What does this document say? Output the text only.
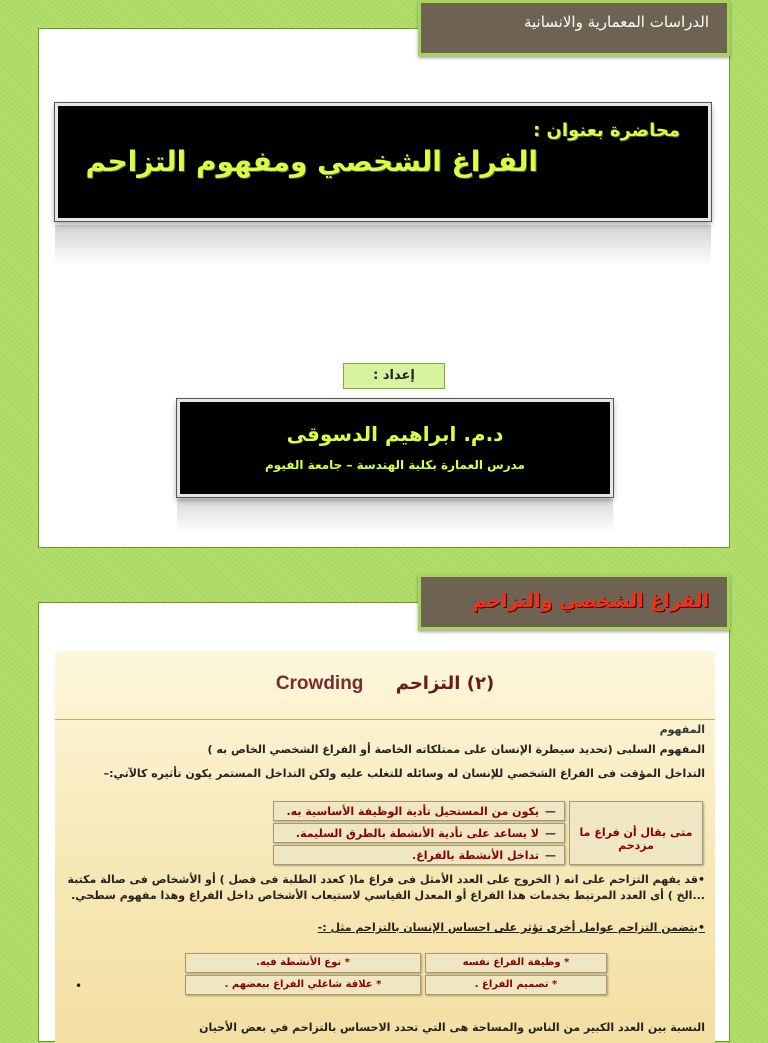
محاضرة بعنوان :
الفراغ الشخصي ومفهوم التزاحم
إعداد :
د.م. ابراهيم الدسوقى
مدرس العمارة بكلية الهندسة – جامعة الفيوم
الدراسات المعمارية والانسانية
(٢) التزاحم Crowding
المفهوم
المفهوم السلبى (تحديد سيطرة الإنسان على ممتلكاته الخاصة أو الفراغ الشخصي الخاص به )
التداخل المؤقت فى الفراغ الشخصي للإنسان له وسائله للتغلب عليه ولكن التداخل المستمر يكون تأثيره كالآتي:–
متى يقال أن فراغ ما مزدحم
—يكون من المستحيل تأدية الوظيفة الأساسية به.
—لا يساعد على تأدية الأنشطة بالطرق السليمة.
—تداخل الأنشطة بالفراغ.
•قد يفهم التزاحم على انه ( الخروج على العدد الأمثل فى فراغ ما( كعدد الطلبة فى فصل ) أو الأشخاص فى صالة مكتبة
...الخ ) أى العدد المرتبط بخدمات هذا الفراغ أو المعدل القياسي لاستيعاب الأشخاص داخل الفراغ وهذا مفهوم سطحي.
•يتضمن التزاحم عوامل أخرى تؤثر على احساس الإنسان بالتزاحم مثل :-
* وظيفة الفراغ نفسه
* نوع الأنشطة فيه.
* تصميم الفراغ .
* علاقة شاغلي الفراغ ببعضهم .
•
النسبة بين العدد الكبير من الناس والمساحة هى التي تحدد الاحساس بالتزاحم في بعض الأحيان
الفراغ الشخصي والتزاحم
